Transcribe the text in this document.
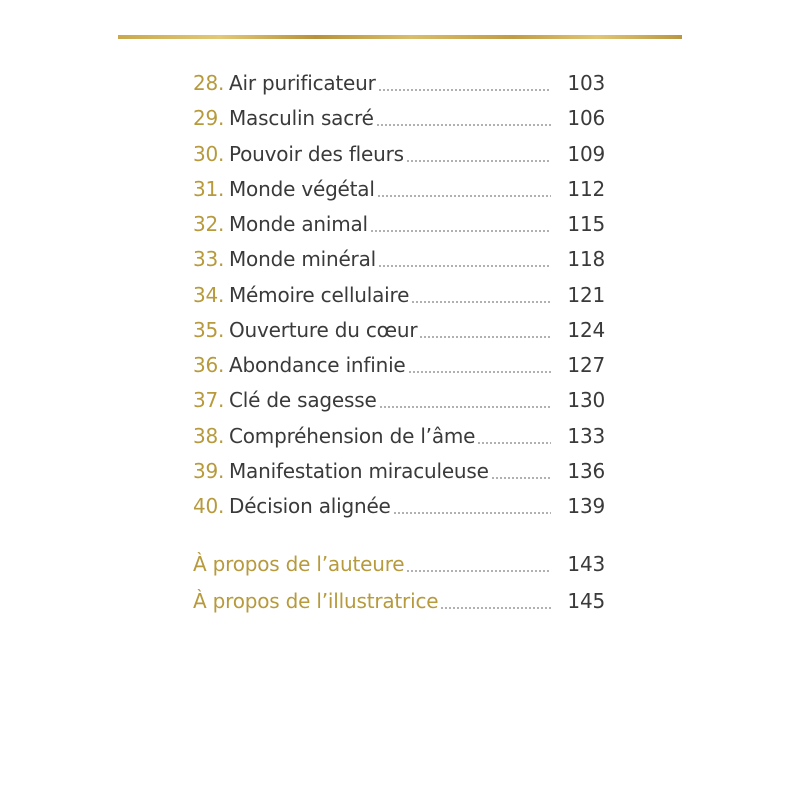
28. Air purificateur	103
29. Masculin sacré	106
30. Pouvoir des fleurs	109
31. Monde végétal	112
32. Monde animal	115
33. Monde minéral	118
34. Mémoire cellulaire	121
35. Ouverture du cœur	124
36. Abondance infinie	127
37. Clé de sagesse	130
38. Compréhension de l’âme	133
39. Manifestation miraculeuse	136
40. Décision alignée	139
À propos de l’auteure	143
À propos de l’illustratrice	145
